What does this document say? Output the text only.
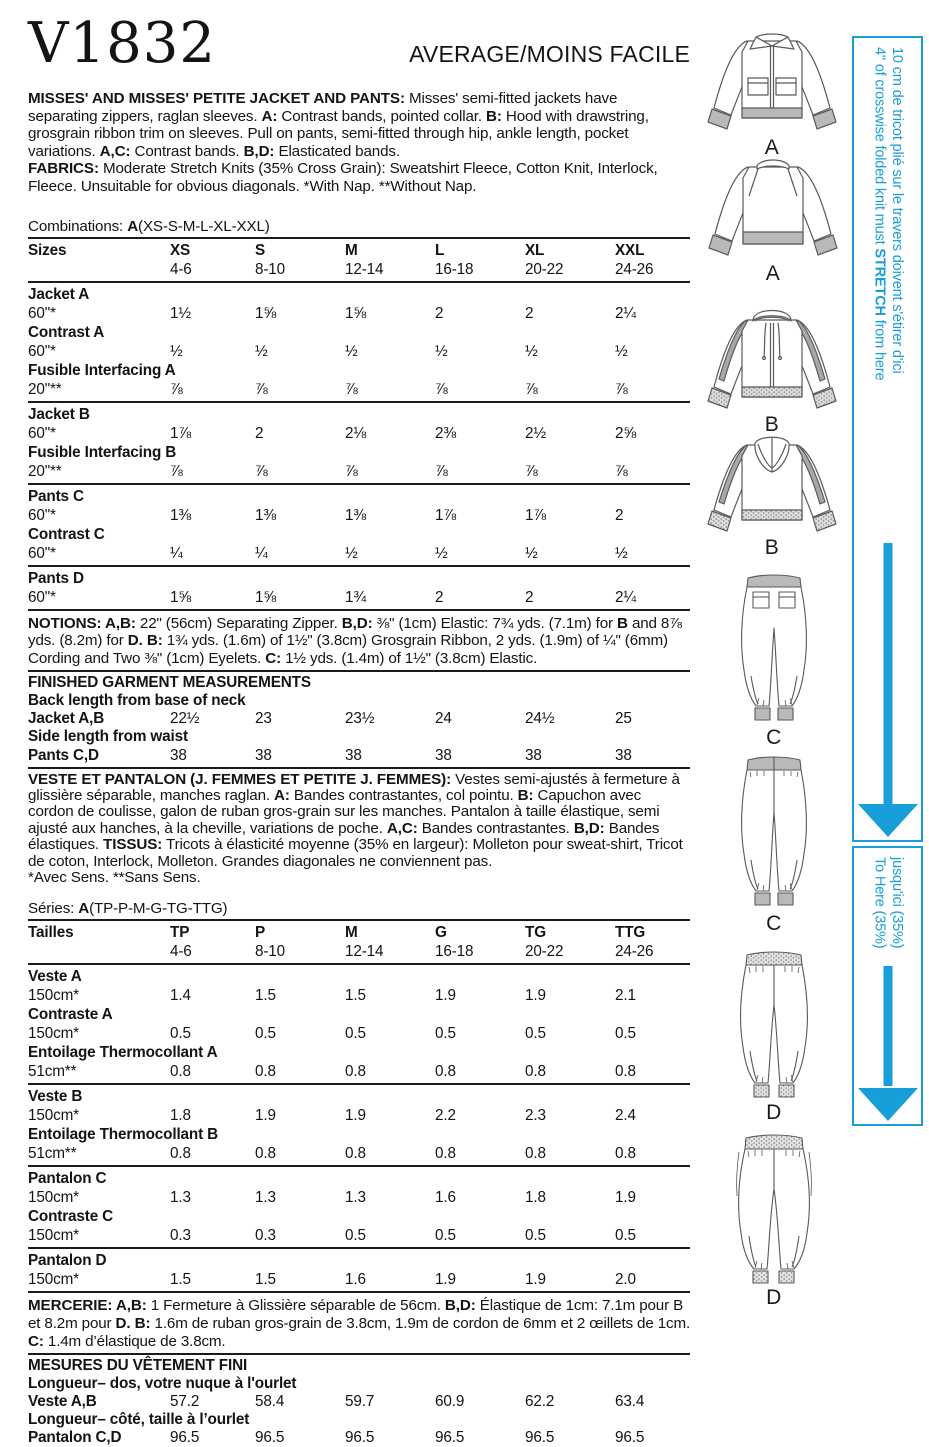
V1832	AVERAGE/MOINS FACILE
MISSES' AND MISSES' PETITE JACKET AND PANTS: Misses' semi-fitted jackets have separating zippers, raglan sleeves. A: Contrast bands, pointed collar. B: Hood with drawstring, grosgrain ribbon trim on sleeves. Pull on pants, semi-fitted through hip, ankle length, pocket variations. A,C: Contrast bands. B,D: Elasticated bands.
FABRICS: Moderate Stretch Knits (35% Cross Grain): Sweatshirt Fleece, Cotton Knit, Interlock, Fleece. Unsuitable for obvious diagonals. *With Nap. **Without Nap.
Combinations: A(XS-S-M-L-XL-XXL)
Sizes	XS	S	M	L	XL	XXL
4-6	8-10	12-14	16-18	20-22	24-26
Jacket A
60"*	1½	1⅝	1⅝	2	2	2¼
Contrast A
60"*	½	½	½	½	½	½
Fusible Interfacing A
20"**	⅞	⅞	⅞	⅞	⅞	⅞
Jacket B
60"*	1⅞	2	2⅛	2⅜	2½	2⅝
Fusible Interfacing B
20"**	⅞	⅞	⅞	⅞	⅞	⅞
Pants C
60"*	1⅜	1⅜	1⅜	1⅞	1⅞	2
Contrast C
60"*	¼	¼	½	½	½	½
Pants D
60"*	1⅝	1⅝	1¾	2	2	2¼
NOTIONS: A,B: 22" (56cm) Separating Zipper. B,D: ⅜" (1cm) Elastic: 7¾ yds. (7.1m) for B and 8⅞ yds. (8.2m) for D. B: 1¾ yds. (1.6m) of 1½" (3.8cm) Grosgrain Ribbon, 2 yds. (1.9m) of ¼" (6mm) Cording and Two ⅜" (1cm) Eyelets. C: 1½ yds. (1.4m) of 1½" (3.8cm) Elastic.
FINISHED GARMENT MEASUREMENTS
Back length from base of neck
Jacket A,B	22½	23	23½	24	24½	25
Side length from waist
Pants C,D	38	38	38	38	38	38
VESTE ET PANTALON (J. FEMMES ET PETITE J. FEMMES): Vestes semi-ajustés à fermeture à glissière séparable, manches raglan. A: Bandes contrastantes, col pointu. B: Capuchon avec cordon de coulisse, galon de ruban gros-grain sur les manches. Pantalon à taille élastique, semi ajusté aux hanches, à la cheville, variations de poche. A,C: Bandes contrastantes. B,D: Bandes élastiques. TISSUS: Tricots à élasticité moyenne (35% en largeur): Molleton pour sweat-shirt, Tricot de coton, Interlock, Molleton. Grandes diagonales ne conviennent pas.
*Avec Sens. **Sans Sens.
Séries: A(TP-P-M-G-TG-TTG)
Tailles	TP	P	M	G	TG	TTG
4-6	8-10	12-14	16-18	20-22	24-26
Veste A
150cm*	1.4	1.5	1.5	1.9	1.9	2.1
Contraste A
150cm*	0.5	0.5	0.5	0.5	0.5	0.5
Entoilage Thermocollant A
51cm**	0.8	0.8	0.8	0.8	0.8	0.8
Veste B
150cm*	1.8	1.9	1.9	2.2	2.3	2.4
Entoilage Thermocollant B
51cm**	0.8	0.8	0.8	0.8	0.8	0.8
Pantalon C
150cm*	1.3	1.3	1.3	1.6	1.8	1.9
Contraste C
150cm*	0.3	0.3	0.5	0.5	0.5	0.5
Pantalon D
150cm*	1.5	1.5	1.6	1.9	1.9	2.0
MERCERIE: A,B: 1 Fermeture à Glissière séparable de 56cm. B,D: Élastique de 1cm: 7.1m pour B et 8.2m pour D. B: 1.6m de ruban gros-grain de 3.8cm, 1.9m de cordon de 6mm et 2 œillets de 1cm. C: 1.4m d’élastique de 3.8cm.
MESURES DU VÊTEMENT FINI
Longueur– dos, votre nuque à l'ourlet
Veste A,B	57.2	58.4	59.7	60.9	62.2	63.4
Longueur– côté, taille à l’ourlet
Pantalon C,D	96.5	96.5	96.5	96.5	96.5	96.5
A
A
B
B
C
C
D
D
4" of crosswise folded knit must STRETCH from here 10 cm de tricot plié sur le travers doivent s'étirer d'ici
To Here (35%) jusqu'ici (35%)
